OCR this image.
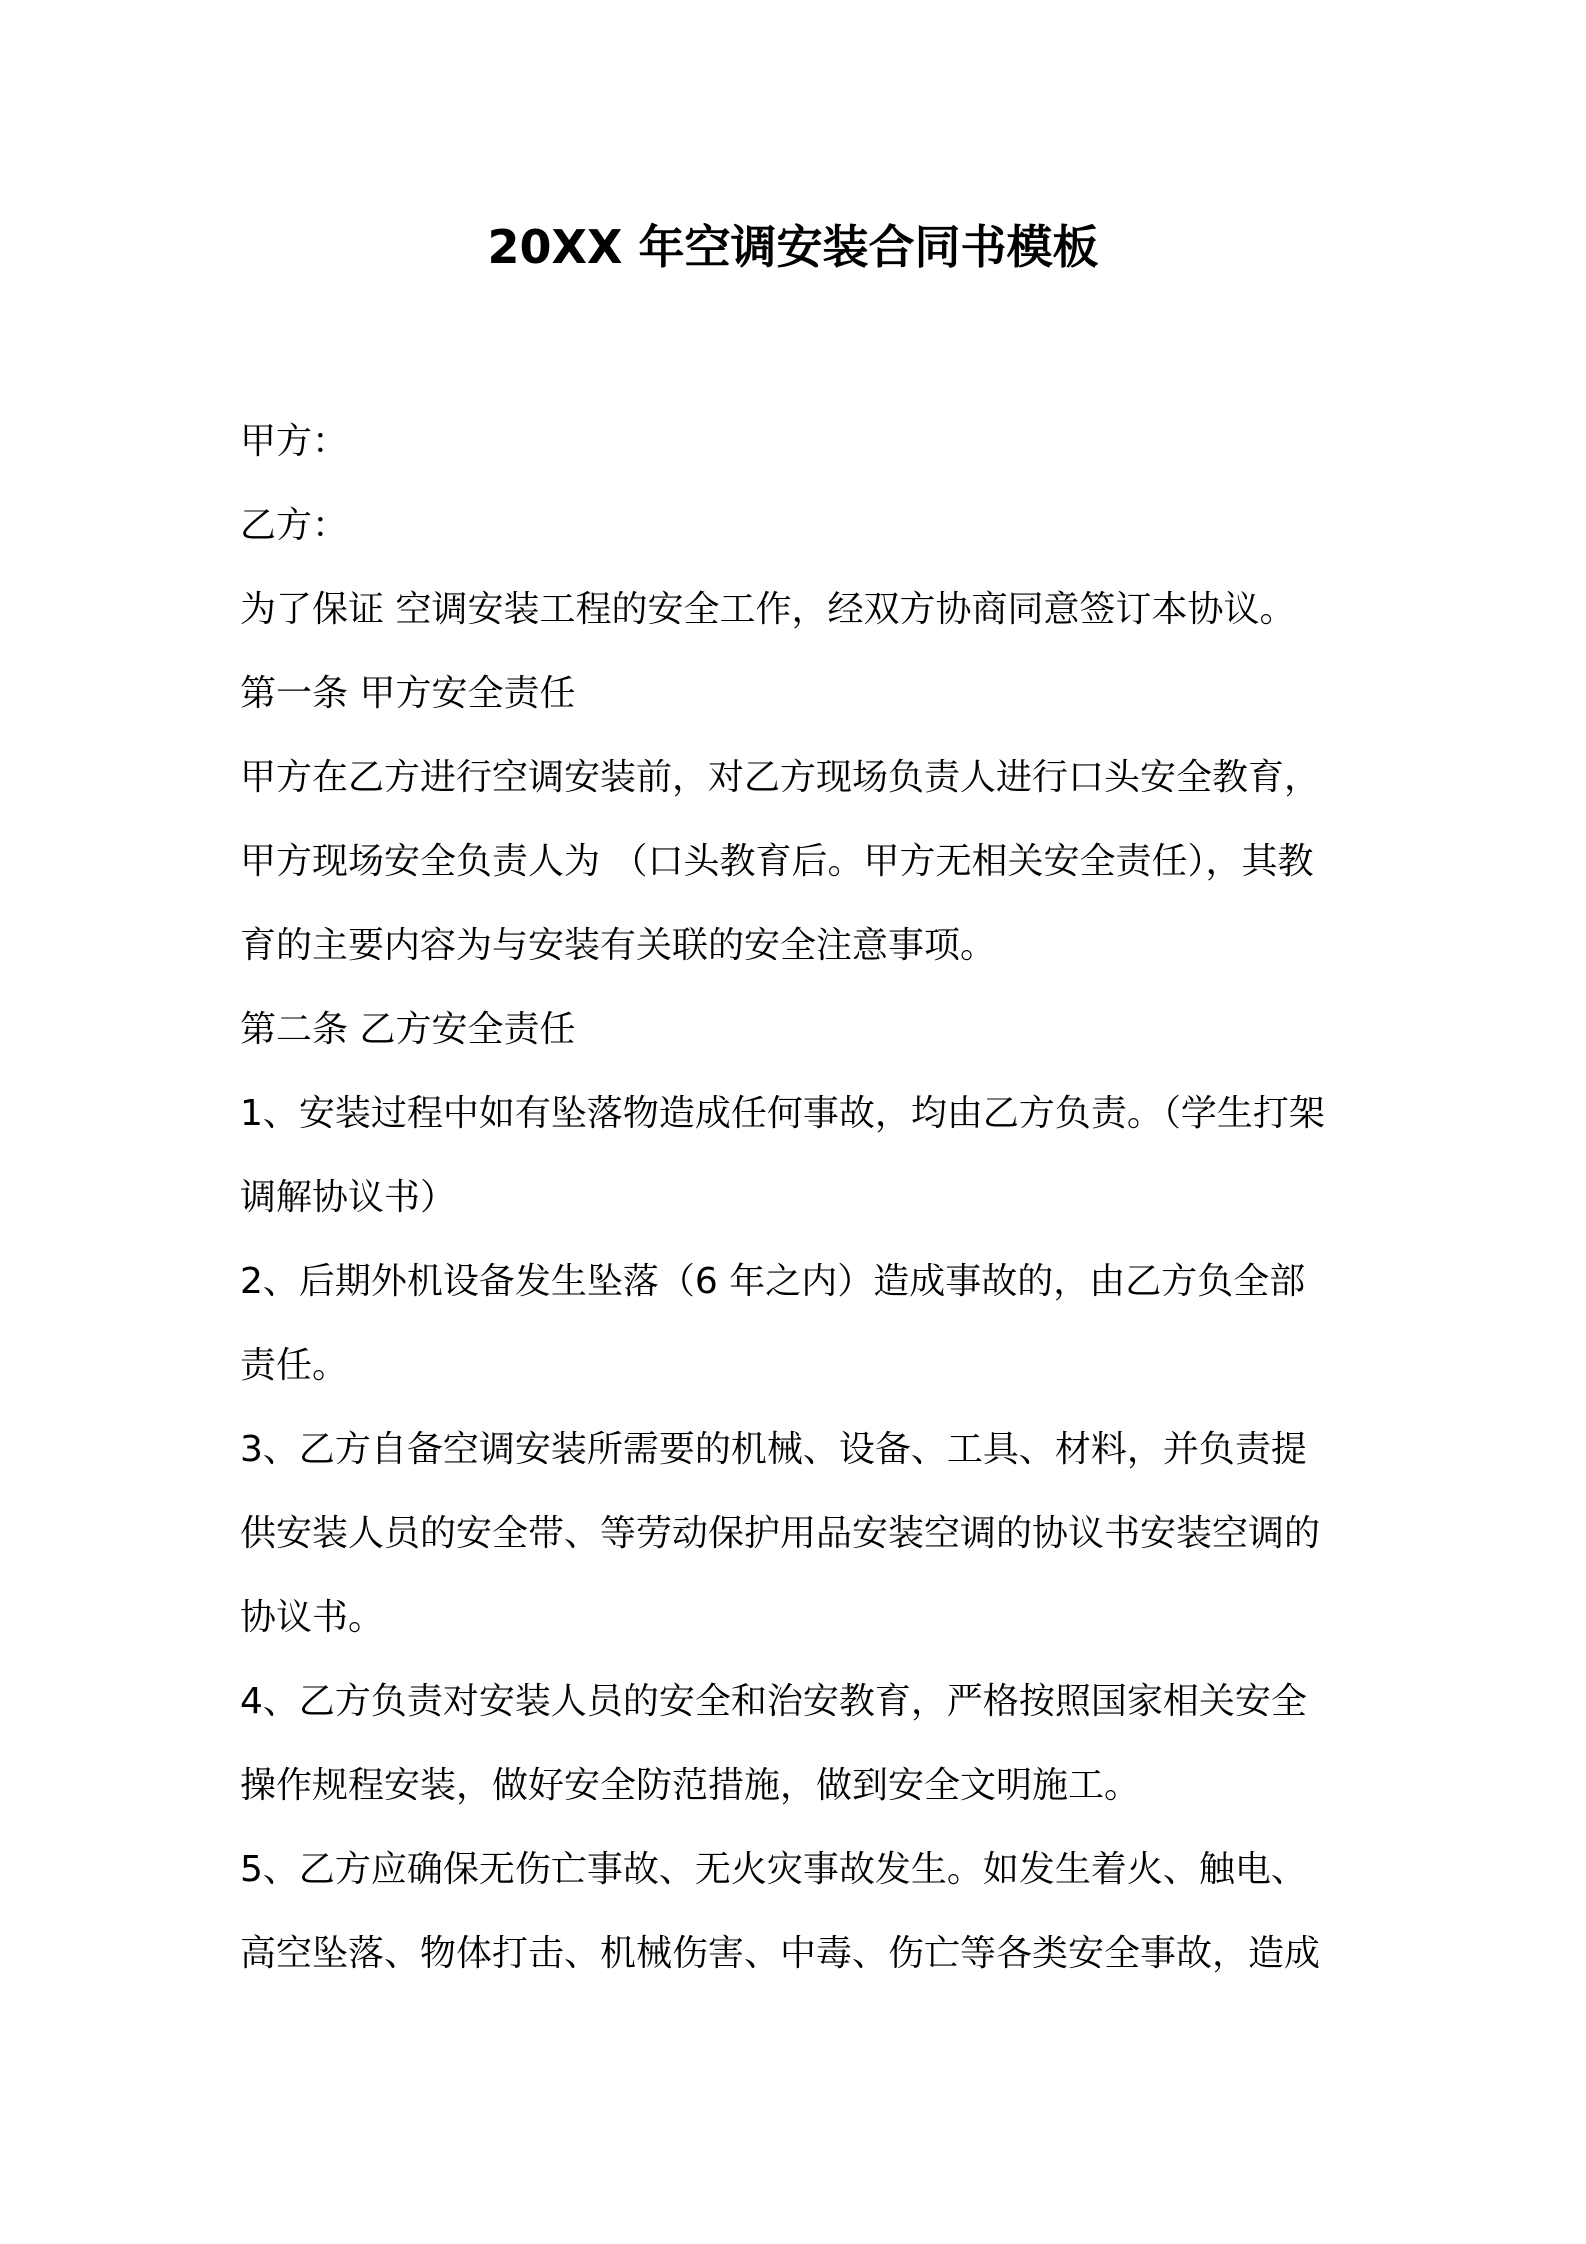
20XX 年空调安装合同书模板
甲方：
乙方：
为了保证 空调安装工程的安全工作，经双方协商同意签订本协议。
第一条 甲方安全责任
甲方在乙方进行空调安装前，对乙方现场负责人进行口头安全教育，
甲方现场安全负责人为 （口头教育后。甲方无相关安全责任），其教
育的主要内容为与安装有关联的安全注意事项。
第二条 乙方安全责任
1、安装过程中如有坠落物造成任何事故，均由乙方负责。（学生打架
调解协议书）
2、后期外机设备发生坠落（6 年之内）造成事故的，由乙方负全部
责任。
3、乙方自备空调安装所需要的机械、设备、工具、材料，并负责提
供安装人员的安全带、等劳动保护用品安装空调的协议书安装空调的
协议书。
4、乙方负责对安装人员的安全和治安教育，严格按照国家相关安全
操作规程安装，做好安全防范措施，做到安全文明施工。
5、乙方应确保无伤亡事故、无火灾事故发生。如发生着火、触电、
高空坠落、物体打击、机械伤害、中毒、伤亡等各类安全事故，造成
